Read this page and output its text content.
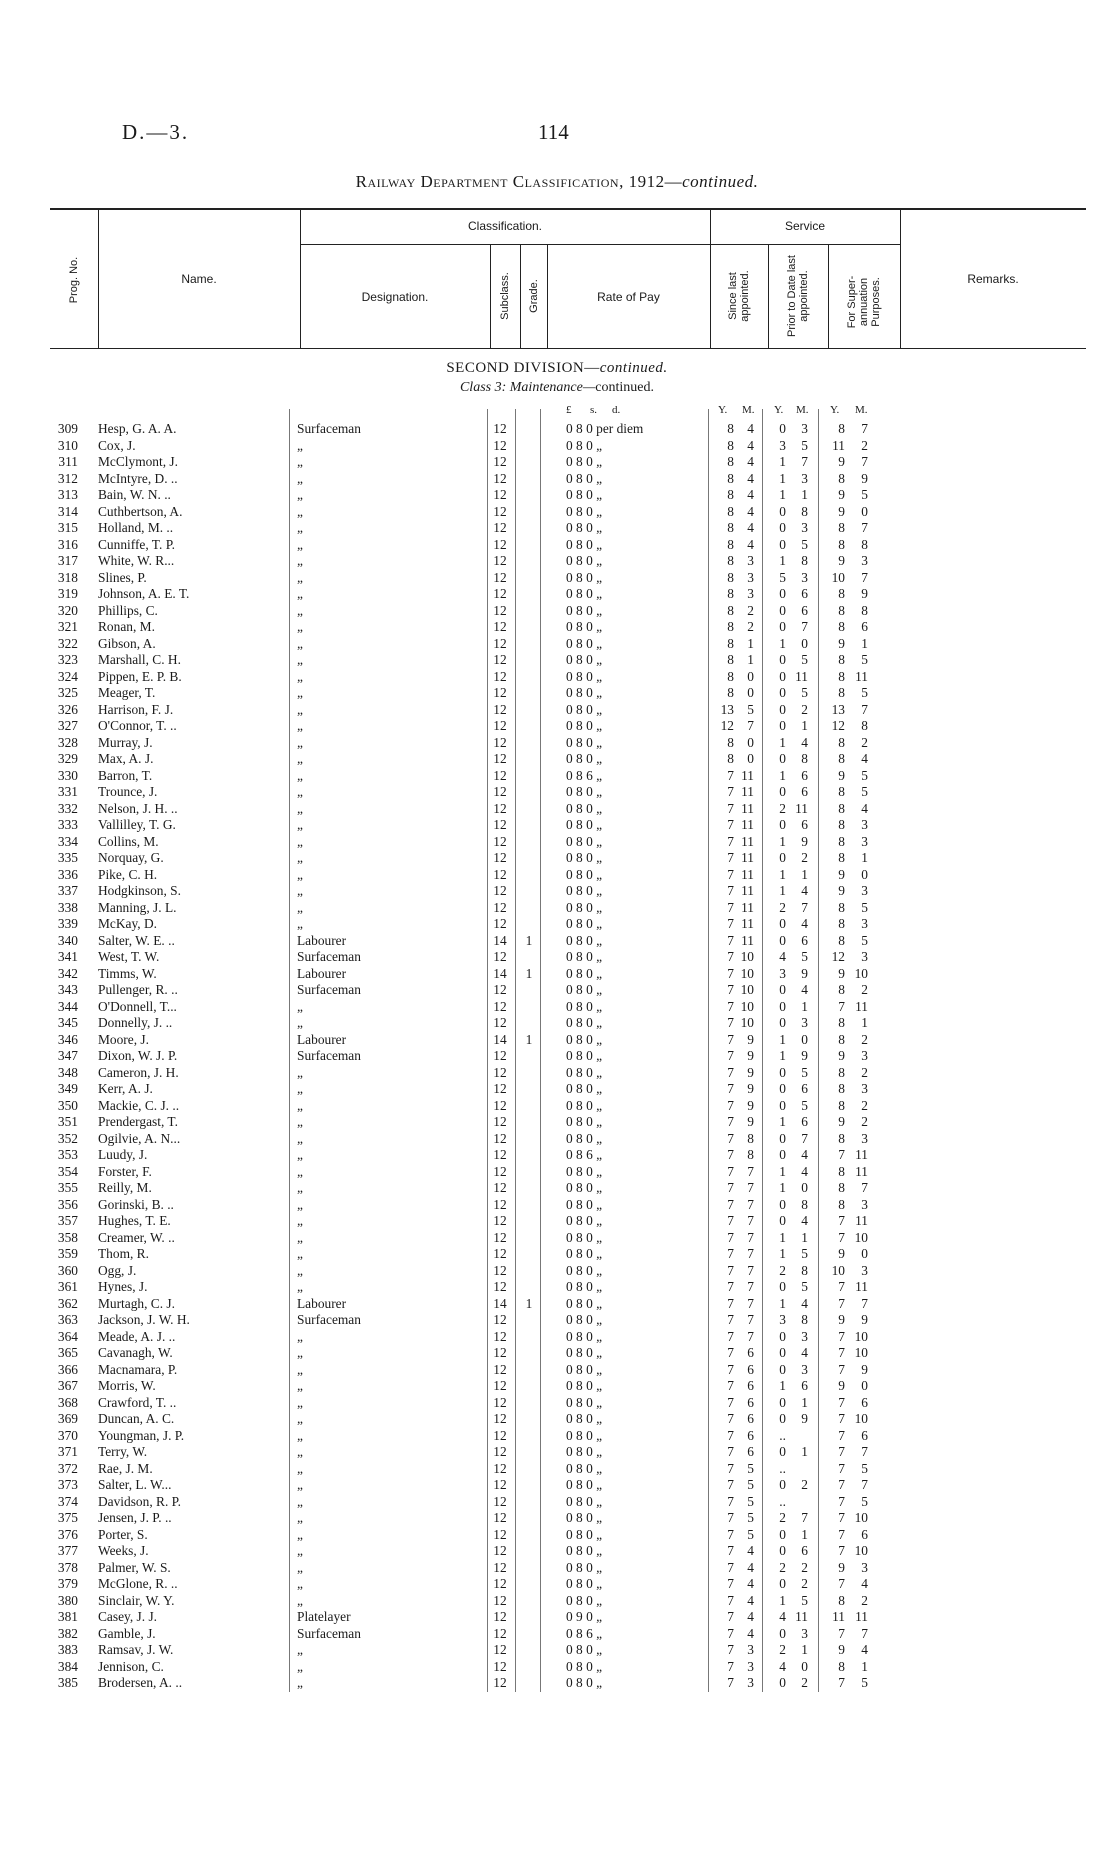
D.—3.	114
Railway Department Classification, 1912—continued.
Prog. No.	Name.
Classification.
Designation.	Subclass. Grade.	Rate of Pay
Service
Since last appointed.	Prior to Date last appointed.	For Super-annuation Purposes.	Remarks.
SECOND DIVISION—continued.
Class 3: Maintenance—continued.
£ s. d.	Y. M. Y. M. Y. M.
309 Hesp, G. A. A.	Surfaceman	12	0 8 0 per diem	8 4	0	3	8	7
310 Cox, J.	„	12	0 8 0 „	8 4	3	5	11	2
311 McClymont, J.	„	12	0 8 0 „	8 4	1	7	9	7
312 McIntyre, D. ..	„	12	0 8 0 „	8 4	1	3	8	9
313 Bain, W. N. ..	„	12	0 8 0 „	8 4	1	1	9	5
314 Cuthbertson, A.	„	12	0 8 0 „	8 4	0	8	9	0
315 Holland, M. ..	„	12	0 8 0 „	8 4	0	3	8	7
316 Cunniffe, T. P.	„	12	0 8 0 „	8 4	0	5	8	8
317 White, W. R...	„	12	0 8 0 „	8 3	1	8	9	3
318 Slines, P.	„	12	0 8 0 „	8 3	5	3	10	7
319 Johnson, A. E. T.	„	12	0 8 0 „	8 3	0	6	8	9
320 Phillips, C.	„	12	0 8 0 „	8 2	0	6	8	8
321 Ronan, M.	„	12	0 8 0 „	8 2	0	7	8	6
322 Gibson, A.	„	12	0 8 0 „	8 1	1	0	9	1
323 Marshall, C. H.	„	12	0 8 0 „	8 1	0	5	8	5
324 Pippen, E. P. B.	„	12	0 8 0 „	8 0	0 11	8 11
325 Meager, T.	„	12	0 8 0 „	8 0	0	5	8	5
326 Harrison, F. J.	„	12	0 8 0 „	13 5	0	2	13	7
327 O'Connor, T. ..	„	12	0 8 0 „	12 7	0	1	12	8
328 Murray, J.	„	12	0 8 0 „	8 0	1	4	8	2
329 Max, A. J.	„	12	0 8 0 „	8 0	0	8	8	4
330 Barron, T.	„	12	0 8 6 „	7 11	1	6	9	5
331 Trounce, J.	„	12	0 8 0 „	7 11	0	6	8	5
332 Nelson, J. H. ..	„	12	0 8 0 „	7 11	2 11	8	4
333 Vallilley, T. G.	„	12	0 8 0 „	7 11	0	6	8	3
334 Collins, M.	„	12	0 8 0 „	7 11	1	9	8	3
335 Norquay, G.	„	12	0 8 0 „	7 11	0	2	8	1
336 Pike, C. H.	„	12	0 8 0 „	7 11	1	1	9	0
337 Hodgkinson, S.	„	12	0 8 0 „	7 11	1	4	9	3
338 Manning, J. L.	„	12	0 8 0 „	7 11	2	7	8	5
339 McKay, D.	„	12	0 8 0 „	7 11	0	4	8	3
340 Salter, W. E. ..	Labourer	14 1	0 8 0 „	7 11	0	6	8	5
341 West, T. W.	Surfaceman	12	0 8 0 „	7 10	4	5	12	3
342 Timms, W.	Labourer	14 1	0 8 0 „	7 10	3	9	9 10
343 Pullenger, R. ..	Surfaceman	12	0 8 0 „	7 10	0	4	8	2
344 O'Donnell, T...	„	12	0 8 0 „	7 10	0	1	7 11
345 Donnelly, J. ..	„	12	0 8 0 „	7 10	0	3	8	1
346 Moore, J.	Labourer	14 1	0 8 0 „	7 9	1	0	8	2
347 Dixon, W. J. P.	Surfaceman	12	0 8 0 „	7 9	1	9	9	3
348 Cameron, J. H.	„	12	0 8 0 „	7 9	0	5	8	2
349 Kerr, A. J.	„	12	0 8 0 „	7 9	0	6	8	3
350 Mackie, C. J. ..	„	12	0 8 0 „	7 9	0	5	8	2
351 Prendergast, T.	„	12	0 8 0 „	7 9	1	6	9	2
352 Ogilvie, A. N...	„	12	0 8 0 „	7 8	0	7	8	3
353 Luudy, J.	„	12	0 8 6 „	7 8	0	4	7 11
354 Forster, F.	„	12	0 8 0 „	7 7	1	4	8 11
355 Reilly, M.	„	12	0 8 0 „	7 7	1	0	8	7
356 Gorinski, B. ..	„	12	0 8 0 „	7 7	0	8	8	3
357 Hughes, T. E.	„	12	0 8 0 „	7 7	0	4	7 11
358 Creamer, W. ..	„	12	0 8 0 „	7 7	1	1	7 10
359 Thom, R.	„	12	0 8 0 „	7 7	1	5	9	0
360 Ogg, J.	„	12	0 8 0 „	7 7	2	8	10	3
361 Hynes, J.	„	12	0 8 0 „	7 7	0	5	7 11
362 Murtagh, C. J.	Labourer	14 1	0 8 0 „	7 7	1	4	7	7
363 Jackson, J. W. H.	Surfaceman	12	0 8 0 „	7 7	3	8	9	9
364 Meade, A. J. ..	„	12	0 8 0 „	7 7	0	3	7 10
365 Cavanagh, W.	„	12	0 8 0 „	7 6	0	4	7 10
366 Macnamara, P.	„	12	0 8 0 „	7 6	0	3	7	9
367 Morris, W.	„	12	0 8 0 „	7 6	1	6	9	0
368 Crawford, T. ..	„	12	0 8 0 „	7 6	0	1	7	6
369 Duncan, A. C.	„	12	0 8 0 „	7 6	0	9	7 10
370 Youngman, J. P.	„	12	0 8 0 „	7 6	..	7	6
371 Terry, W.	„	12	0 8 0 „	7 6	0	1	7	7
372 Rae, J. M.	„	12	0 8 0 „	7 5	..	7	5
373 Salter, L. W...	„	12	0 8 0 „	7 5	0	2	7	7
374 Davidson, R. P.	„	12	0 8 0 „	7 5	..	7	5
375 Jensen, J. P. ..	„	12	0 8 0 „	7 5	2	7	7 10
376 Porter, S.	„	12	0 8 0 „	7 5	0	1	7	6
377 Weeks, J.	„	12	0 8 0 „	7 4	0	6	7 10
378 Palmer, W. S.	„	12	0 8 0 „	7 4	2	2	9	3
379 McGlone, R. ..	„	12	0 8 0 „	7 4	0	2	7	4
380 Sinclair, W. Y.	„	12	0 8 0 „	7 4	1	5	8	2
381 Casey, J. J.	Platelayer	12	0 9 0 „	7 4	4 11	11 11
382 Gamble, J.	Surfaceman	12	0 8 6 „	7 4	0	3	7	7
383 Ramsav, J. W.	„	12	0 8 0 „	7 3	2	1	9	4
384 Jennison, C.	„	12	0 8 0 „	7 3	4	0	8	1
385 Brodersen, A. ..	„	12	0 8 0 „	7 3	0	2	7	5
